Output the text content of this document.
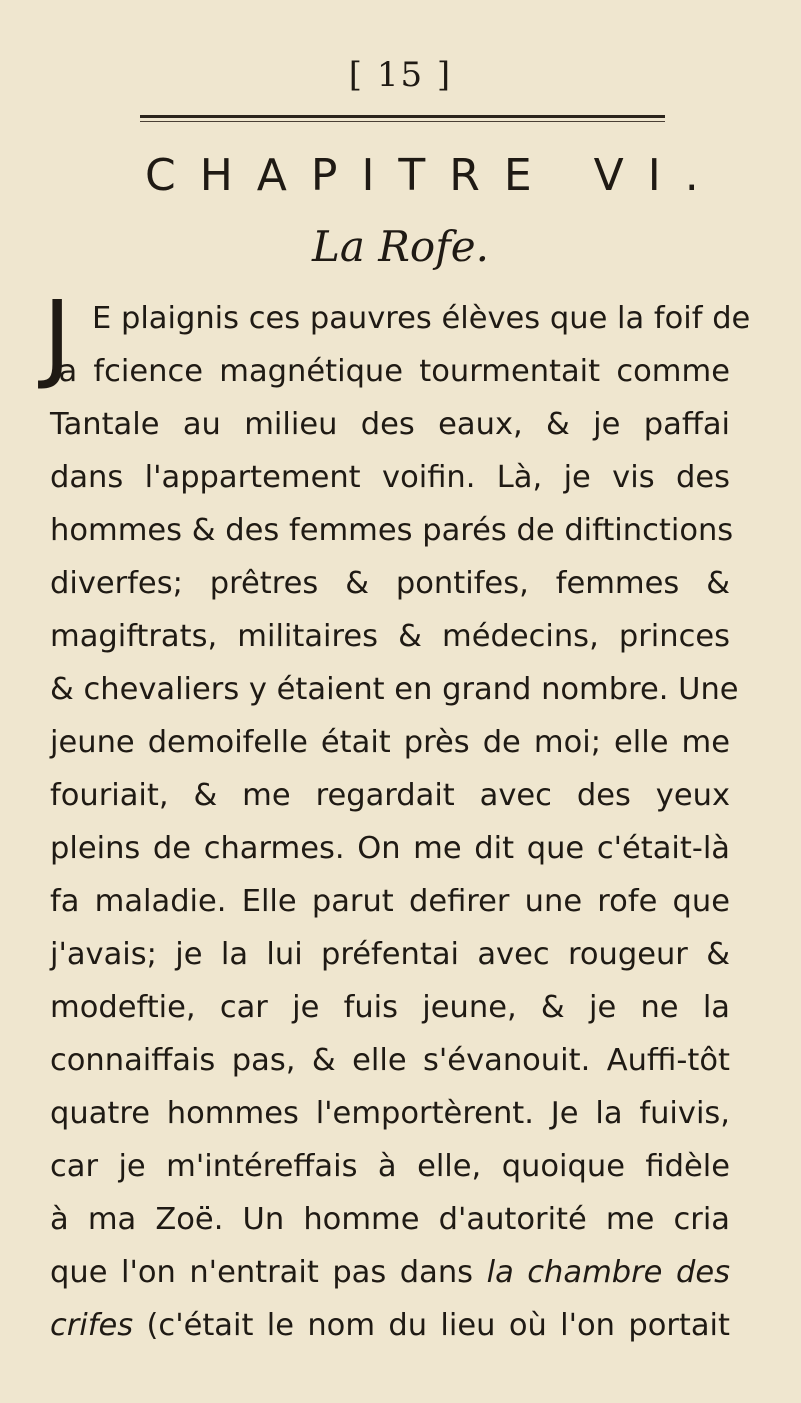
[ 15 ]
CHAPITRE VI.
La Rofe.
J E plaignis ces pauvres élèves que la foif de
la fcience magnétique tourmentait comme
Tantale au milieu des eaux, & je paffai
dans l'appartement voifin. Là, je vis des
hommes & des femmes parés de diftinctions
diverfes; prêtres & pontifes, femmes &
magiftrats, militaires & médecins, princes
& chevaliers y étaient en grand nombre. Une
jeune demoifelle était près de moi; elle me
fouriait, & me regardait avec des yeux
pleins de charmes. On me dit que c'était-là
fa maladie. Elle parut defirer une rofe que
j'avais; je la lui préfentai avec rougeur &
modeftie, car je fuis jeune, & je ne la
connaiffais pas, & elle s'évanouit. Auffi-tôt
quatre hommes l'emportèrent. Je la fuivis,
car je m'intéreffais à elle, quoique fidèle
à ma Zoë. Un homme d'autorité me cria
que l'on n'entrait pas dans la chambre des
crifes (c'était le nom du lieu où l'on portait
